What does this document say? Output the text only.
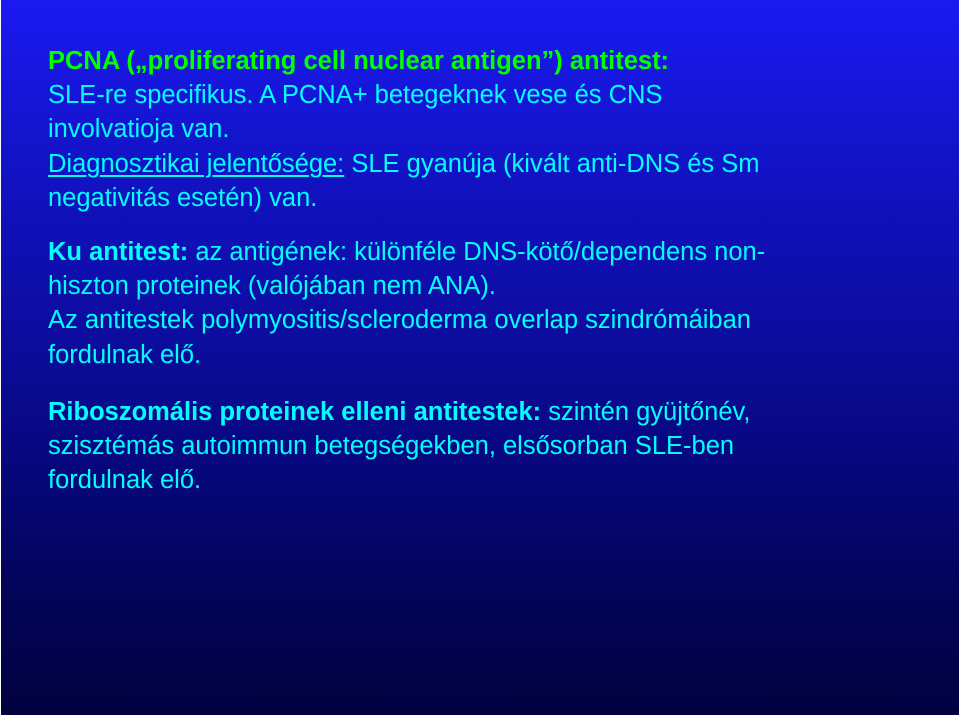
PCNA („proliferating cell nuclear antigen”) antitest:
SLE-re specifikus. A PCNA+ betegeknek vese és CNS
involvatioja van.
Diagnosztikai jelentősége: SLE gyanúja (kivált anti-DNS és Sm
negativitás esetén) van.
Ku antitest: az antigének: különféle DNS-kötő/dependens non-
hiszton proteinek (valójában nem ANA).
Az antitestek polymyositis/scleroderma overlap szindrómáiban
fordulnak elő.
Riboszomális proteinek elleni antitestek: szintén gyüjtőnév,
szisztémás autoimmun betegségekben, elsősorban SLE-ben
fordulnak elő.
